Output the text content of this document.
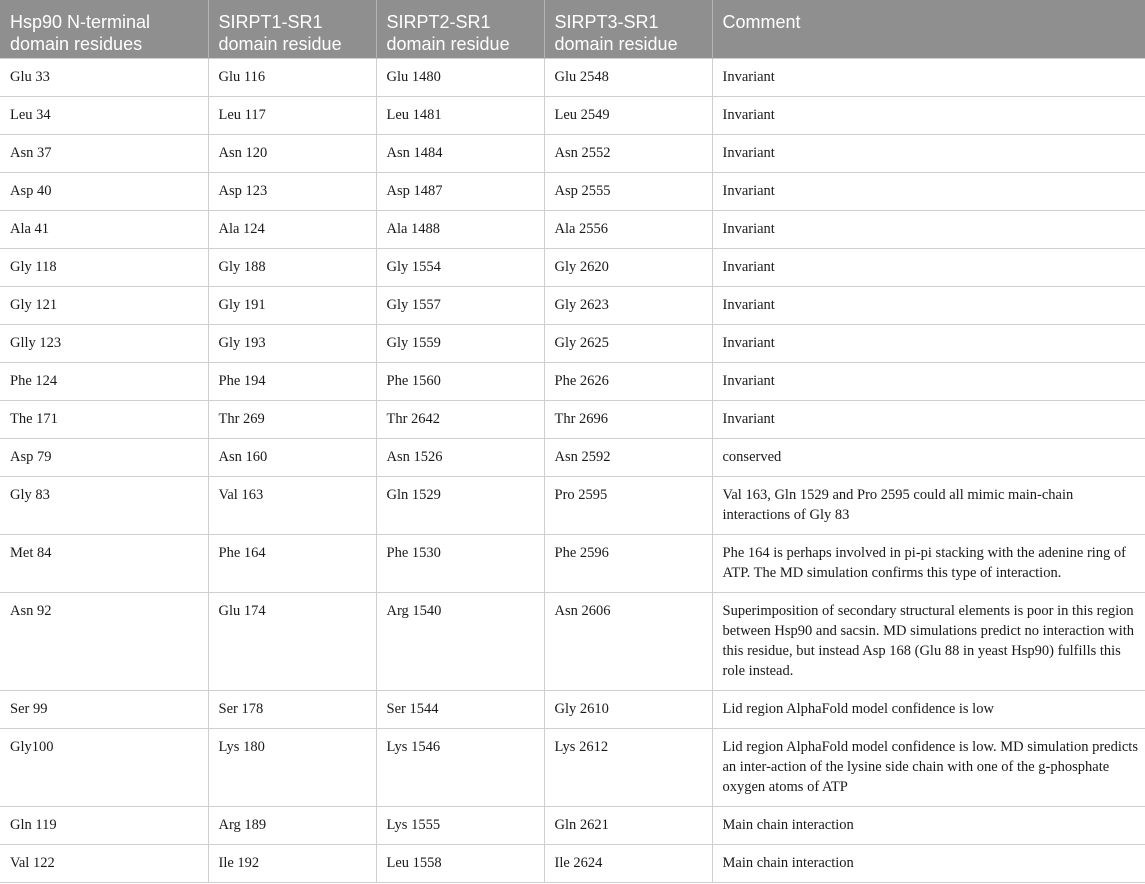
Hsp90 N-terminal domain residues	SIRPT1-SR1 domain residue	SIRPT2-SR1 domain residue	SIRPT3-SR1 domain residue	Comment
Glu 33	Glu 116	Glu 1480	Glu 2548	Invariant
Leu 34	Leu 117	Leu 1481	Leu 2549	Invariant
Asn 37	Asn 120	Asn 1484	Asn 2552	Invariant
Asp 40	Asp 123	Asp 1487	Asp 2555	Invariant
Ala 41	Ala 124	Ala 1488	Ala 2556	Invariant
Gly 118	Gly 188	Gly 1554	Gly 2620	Invariant
Gly 121	Gly 191	Gly 1557	Gly 2623	Invariant
Glly 123	Gly 193	Gly 1559	Gly 2625	Invariant
Phe 124	Phe 194	Phe 1560	Phe 2626	Invariant
The 171	Thr 269	Thr 2642	Thr 2696	Invariant
Asp 79	Asn 160	Asn 1526	Asn 2592	conserved
Gly 83	Val 163	Gln 1529	Pro 2595	Val 163, Gln 1529 and Pro 2595 could all mimic main-chain interactions of Gly 83
Met 84	Phe 164	Phe 1530	Phe 2596	Phe 164 is perhaps involved in pi-pi stacking with the adenine ring of ATP. The MD simulation confirms this type of interaction.
Asn 92	Glu 174	Arg 1540	Asn 2606	Superimposition of secondary structural elements is poor in this region between Hsp90 and sacsin. MD simulations predict no interaction with this residue, but instead Asp 168 (Glu 88 in yeast Hsp90) fulfills this role instead.
Ser 99	Ser 178	Ser 1544	Gly 2610	Lid region AlphaFold model confidence is low
Gly100	Lys 180	Lys 1546	Lys 2612	Lid region AlphaFold model confidence is low. MD simulation predicts an inter-action of the lysine side chain with one of the g-phosphate oxygen atoms of ATP
Gln 119	Arg 189	Lys 1555	Gln 2621	Main chain interaction
Val 122	Ile 192	Leu 1558	Ile 2624	Main chain interaction
